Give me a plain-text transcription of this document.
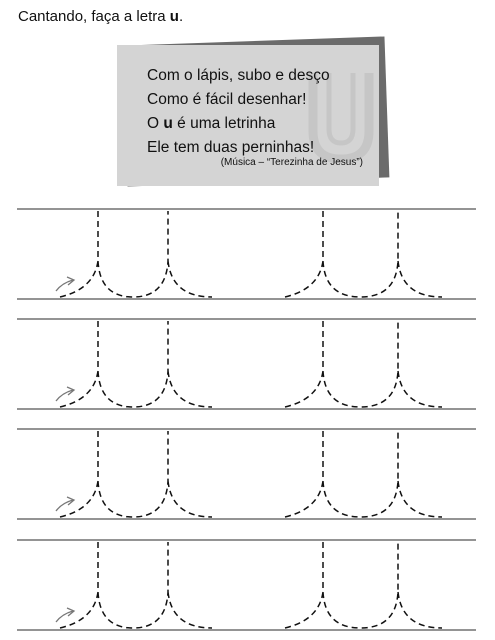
Cantando, faça a letra u.
Com o lápis, subo e desço
Como é fácil desenhar!
O u é uma letrinha
Ele tem duas perninhas!
(Música – “Terezinha de Jesus”)
